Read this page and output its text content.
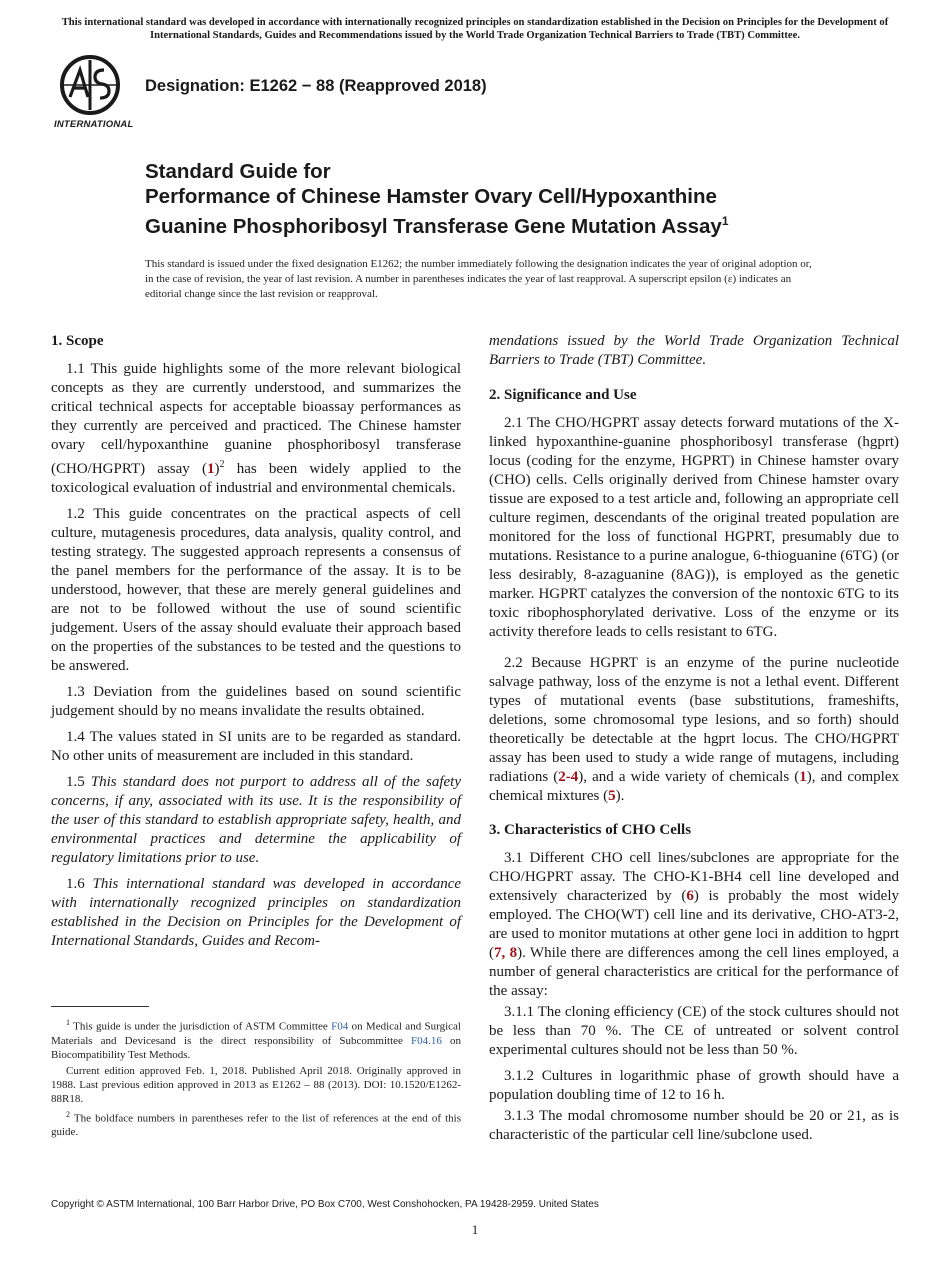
This international standard was developed in accordance with internationally recognized principles on standardization established in the Decision on Principles for the Development of International Standards, Guides and Recommendations issued by the World Trade Organization Technical Barriers to Trade (TBT) Committee.
INTERNATIONAL
Designation: E1262 − 88 (Reapproved 2018)
Standard Guide for
Performance of Chinese Hamster Ovary Cell/Hypoxanthine
Guanine Phosphoribosyl Transferase Gene Mutation Assay$^1$
This standard is issued under the fixed designation E1262; the number immediately following the designation indicates the year of original adoption or, in the case of revision, the year of last revision. A number in parentheses indicates the year of last reapproval. A superscript epsilon (ε) indicates an editorial change since the last revision or reapproval.
1. Scope

1.1 This guide highlights some of the more relevant biological concepts as they are currently understood, and summarizes the critical technical aspects for acceptable bioassay performances as they currently are perceived and practiced. The Chinese hamster ovary cell/hypoxanthine guanine phosphoribosyl transferase (CHO/HGPRT) assay $(1)^2$ has been widely applied to the toxicological evaluation of industrial and environmental chemicals.

1.2 This guide concentrates on the practical aspects of cell culture, mutagenesis procedures, data analysis, quality control, and testing strategy. The suggested approach represents a consensus of the panel members for the performance of the assay. It is to be understood, however, that these are merely general guidelines and are not to be followed without the use of sound scientific judgement. Users of the assay should evaluate their approach based on the properties of the substances to be tested and the questions to be answered.

1.3 Deviation from the guidelines based on sound scientific judgement should by no means invalidate the results obtained.

1.4 The values stated in SI units are to be regarded as standard. No other units of measurement are included in this standard.

1.5 This standard does not purport to address all of the safety concerns, if any, associated with its use. It is the responsibility of the user of this standard to establish appropriate safety, health, and environmental practices and determine the applicability of regulatory limitations prior to use.

1.6 This international standard was developed in accordance with internationally recognized principles on standardization established in the Decision on Principles for the Development of International Standards, Guides and Recom-

mendations issued by the World Trade Organization Technical Barriers to Trade (TBT) Committee.

2. Significance and Use

2.1 The CHO/HGPRT assay detects forward mutations of the X-linked hypoxanthine-guanine phosphoribosyl transferase (hgprt) locus (coding for the enzyme, HGPRT) in Chinese hamster ovary (CHO) cells. Cells originally derived from Chinese hamster ovary tissue are exposed to a test article and, following an appropriate cell culture regimen, descendants of the original treated population are monitored for the loss of functional HGPRT, presumably due to mutations. Resistance to a purine analogue, 6-thioguanine (6TG) (or less desirably, 8-azaguanine (8AG)), is employed as the genetic marker. HGPRT catalyzes the conversion of the nontoxic 6TG to its toxic ribophosphorylated derivative. Loss of the enzyme or its activity therefore leads to cells resistant to 6TG.

2.2 Because HGPRT is an enzyme of the purine nucleotide salvage pathway, loss of the enzyme is not a lethal event. Different types of mutational events (base substitutions, frameshifts, deletions, some chromosomal type lesions, and so forth) should theoretically be detectable at the hgprt locus. The CHO/HGPRT assay has been used to study a wide range of mutagens, including radiations (2-4), and a wide variety of chemicals (1), and complex chemical mixtures (5).

3. Characteristics of CHO Cells

3.1 Different CHO cell lines/subclones are appropriate for the CHO/HGPRT assay. The CHO-K1-BH4 cell line developed and extensively characterized by (6) is probably the most widely employed. The CHO(WT) cell line and its derivative, CHO-AT3-2, are used to monitor mutations at other gene loci in addition to hgprt (7, 8). While there are differences among the cell lines employed, a number of general characteristics are critical for the performance of the assay:

3.1.1 The cloning efficiency (CE) of the stock cultures should not be less than 70 %. The CE of untreated or solvent control experimental cultures should not be less than 50 %.

3.1.2 Cultures in logarithmic phase of growth should have a population doubling time of 12 to 16 h.

3.1.3 The modal chromosome number should be 20 or 21, as is characteristic of the particular cell line/subclone used.

$^1$ This guide is under the jurisdiction of ASTM Committee F04 on Medical and Surgical Materials and Devicesand is the direct responsibility of Subcommittee F04.16 on Biocompatibility Test Methods.

Current edition approved Feb. 1, 2018. Published April 2018. Originally approved in 1988. Last previous edition approved in 2013 as E1262 – 88 (2013). DOI: 10.1520/E1262-88R18.

$^2$ The boldface numbers in parentheses refer to the list of references at the end of this guide.

Copyright © ASTM International, 100 Barr Harbor Drive, PO Box C700, West Conshohocken, PA 19428-2959. United States
1
